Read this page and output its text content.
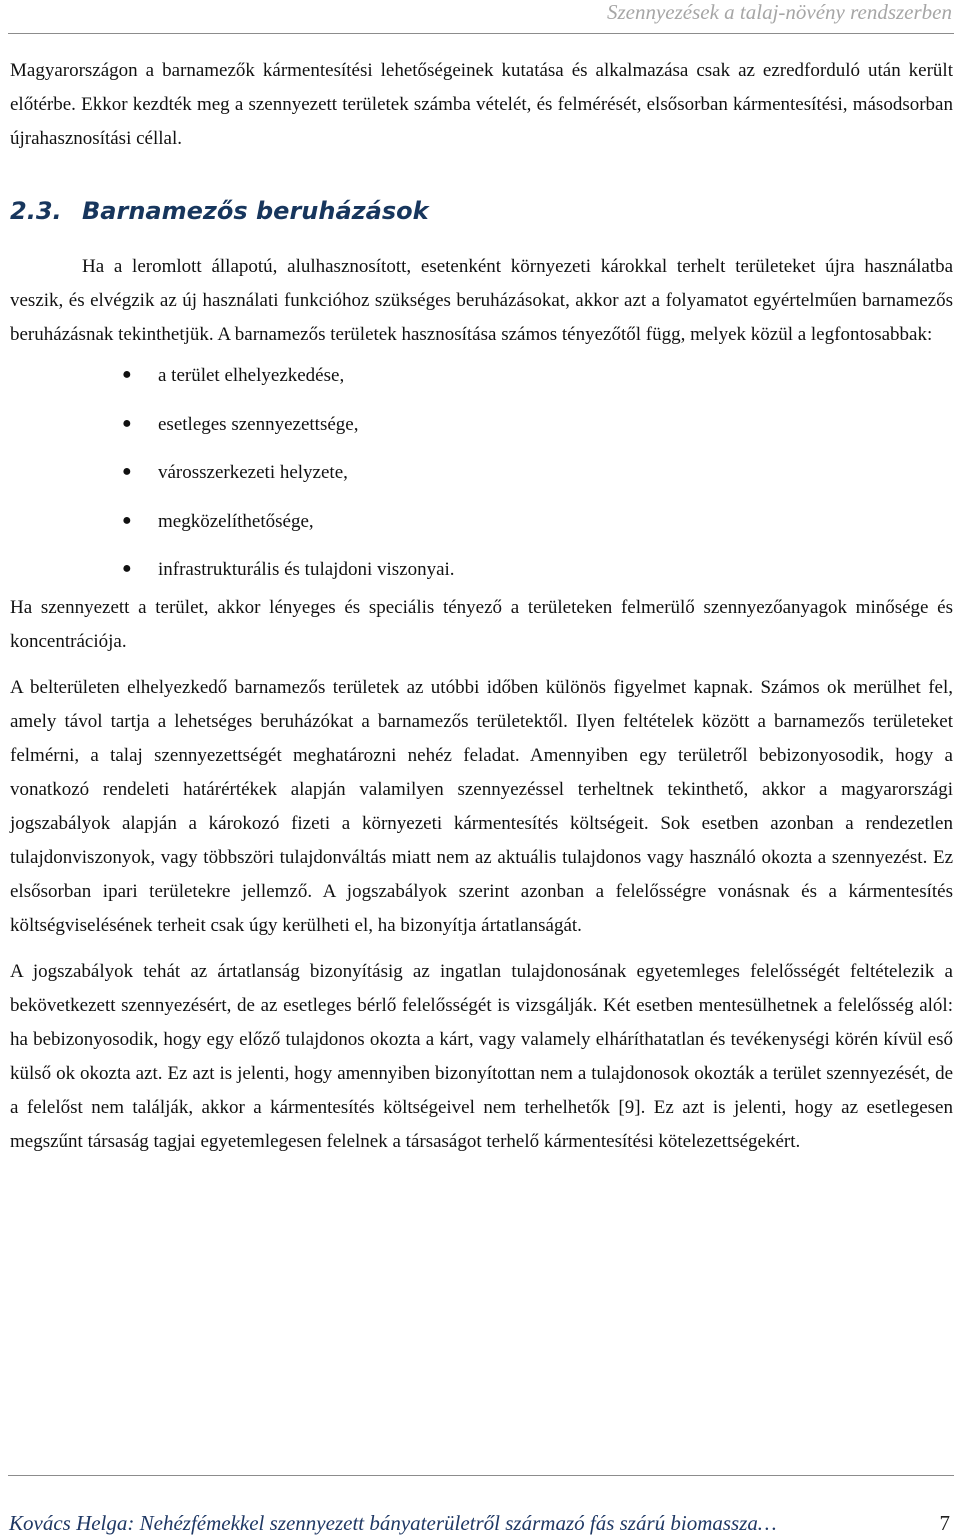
Szennyezések a talaj-növény rendszerben

Magyarországon a barnamezők kármentesítési lehetőségeinek kutatása és alkalmazása csak az ezredforduló után került előtérbe. Ekkor kezdték meg a szennyezett területek számba vételét, és felmérését, elsősorban kármentesítési, másodsorban újrahasznosítási céllal.

2.3. Barnamezős beruházások

Ha a leromlott állapotú, alulhasznosított, esetenként környezeti károkkal terhelt területeket újra használatba veszik, és elvégzik az új használati funkcióhoz szükséges beruházásokat, akkor azt a folyamatot egyértelműen barnamezős beruházásnak tekinthetjük. A barnamezős területek hasznosítása számos tényezőtől függ, melyek közül a legfontosabbak:

● a terület elhelyezkedése,
● esetleges szennyezettsége,
● városszerkezeti helyzete,
● megközelíthetősége,
● infrastrukturális és tulajdoni viszonyai.

Ha szennyezett a terület, akkor lényeges és speciális tényező a területeken felmerülő szennyezőanyagok minősége és koncentrációja.

A belterületen elhelyezkedő barnamezős területek az utóbbi időben különös figyelmet kapnak. Számos ok merülhet fel, amely távol tartja a lehetséges beruházókat a barnamezős területektől. Ilyen feltételek között a barnamezős területeket felmérni, a talaj szennyezettségét meghatározni nehéz feladat. Amennyiben egy területről bebizonyosodik, hogy a vonatkozó rendeleti határértékek alapján valamilyen szennyezéssel terheltnek tekinthető, akkor a magyarországi jogszabályok alapján a károkozó fizeti a környezeti kármentesítés költségeit. Sok esetben azonban a rendezetlen tulajdonviszonyok, vagy többszöri tulajdonváltás miatt nem az aktuális tulajdonos vagy használó okozta a szennyezést. Ez elsősorban ipari területekre jellemző. A jogszabályok szerint azonban a felelősségre vonásnak és a kármentesítés költségviselésének terheit csak úgy kerülheti el, ha bizonyítja ártatlanságát.

A jogszabályok tehát az ártatlanság bizonyításig az ingatlan tulajdonosának egyetemleges felelősségét feltételezik a bekövetkezett szennyezésért, de az esetleges bérlő felelősségét is vizsgálják. Két esetben mentesülhetnek a felelősség alól: ha bebizonyosodik, hogy egy előző tulajdonos okozta a kárt, vagy valamely elháríthatatlan és tevékenységi körén kívül eső külső ok okozta azt. Ez azt is jelenti, hogy amennyiben bizonyítottan nem a tulajdonosok okozták a terület szennyezését, de a felelőst nem találják, akkor a kármentesítés költségeivel nem terhelhetők [9]. Ez azt is jelenti, hogy az esetlegesen megszűnt társaság tagjai egyetemlegesen felelnek a társaságot terhelő kármentesítési kötelezettségekért.

Kovács Helga: Nehézfémekkel szennyezett bányaterületről származó fás szárú biomassza…	7
